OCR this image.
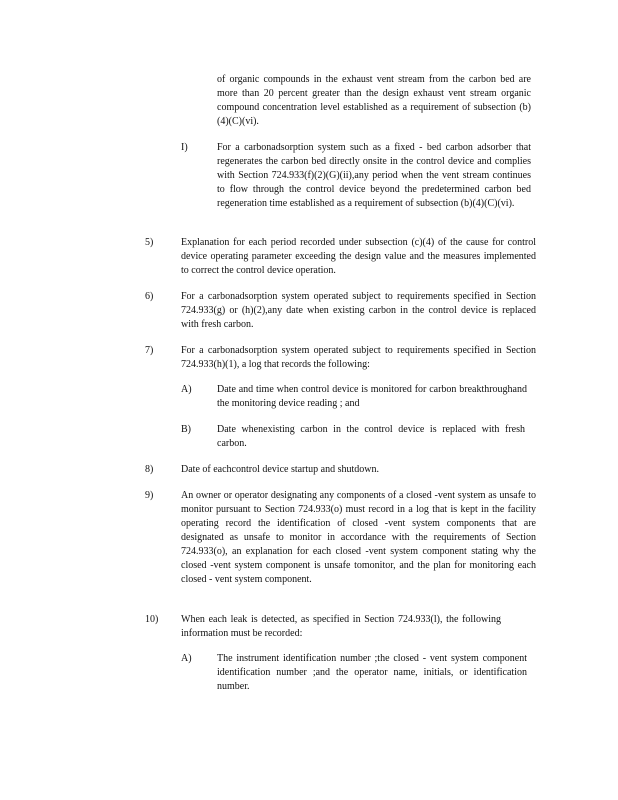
of organic compounds in the exhaust vent stream from the carbon bed are more than 20 percent greater than the design exhaust vent stream organic compound concentration level established as a requirement of subsection (b)(4)(C)(vi).

I)	For a carbonadsorption system such as a fixed - bed carbon adsorber that regenerates the carbon bed directly onsite in the control device and complies with Section 724.933(f)(2)(G)(ii),any period when the vent stream continues to flow through the control device beyond the predetermined carbon bed regeneration time established as a requirement of subsection (b)(4)(C)(vi).

5)	Explanation for each period recorded under subsection (c)(4) of the cause for control device operating parameter exceeding the design value and the measures implemented to correct the control device operation.

6)	For a carbonadsorption system operated subject to requirements specified in Section 724.933(g) or (h)(2),any date when existing carbon in the control device is replaced with fresh carbon.

7)	For a carbonadsorption system operated subject to requirements specified in Section 724.933(h)(1), a log that records the following:

A)	Date and time when control device is monitored for carbon breakthroughand the monitoring device reading ; and

B)	Date whenexisting carbon in the control device is replaced with fresh carbon.

8)	Date of eachcontrol device startup and shutdown.

9)	An owner or operator designating any components of a closed -vent system as unsafe to monitor pursuant to Section 724.933(o) must record in a log that is kept in the facility operating record the identification of closed -vent system components that are designated as unsafe to monitor in accordance with the requirements of Section 724.933(o), an explanation for each closed -vent system component stating why the closed -vent system component is unsafe tomonitor, and the plan for monitoring each closed - vent system component.

10) When each leak is detected, as specified in Section 724.933(l), the following information must be recorded:

A)	The instrument identification number ;the closed - vent system component identification number ;and the operator name, initials, or identification number.
